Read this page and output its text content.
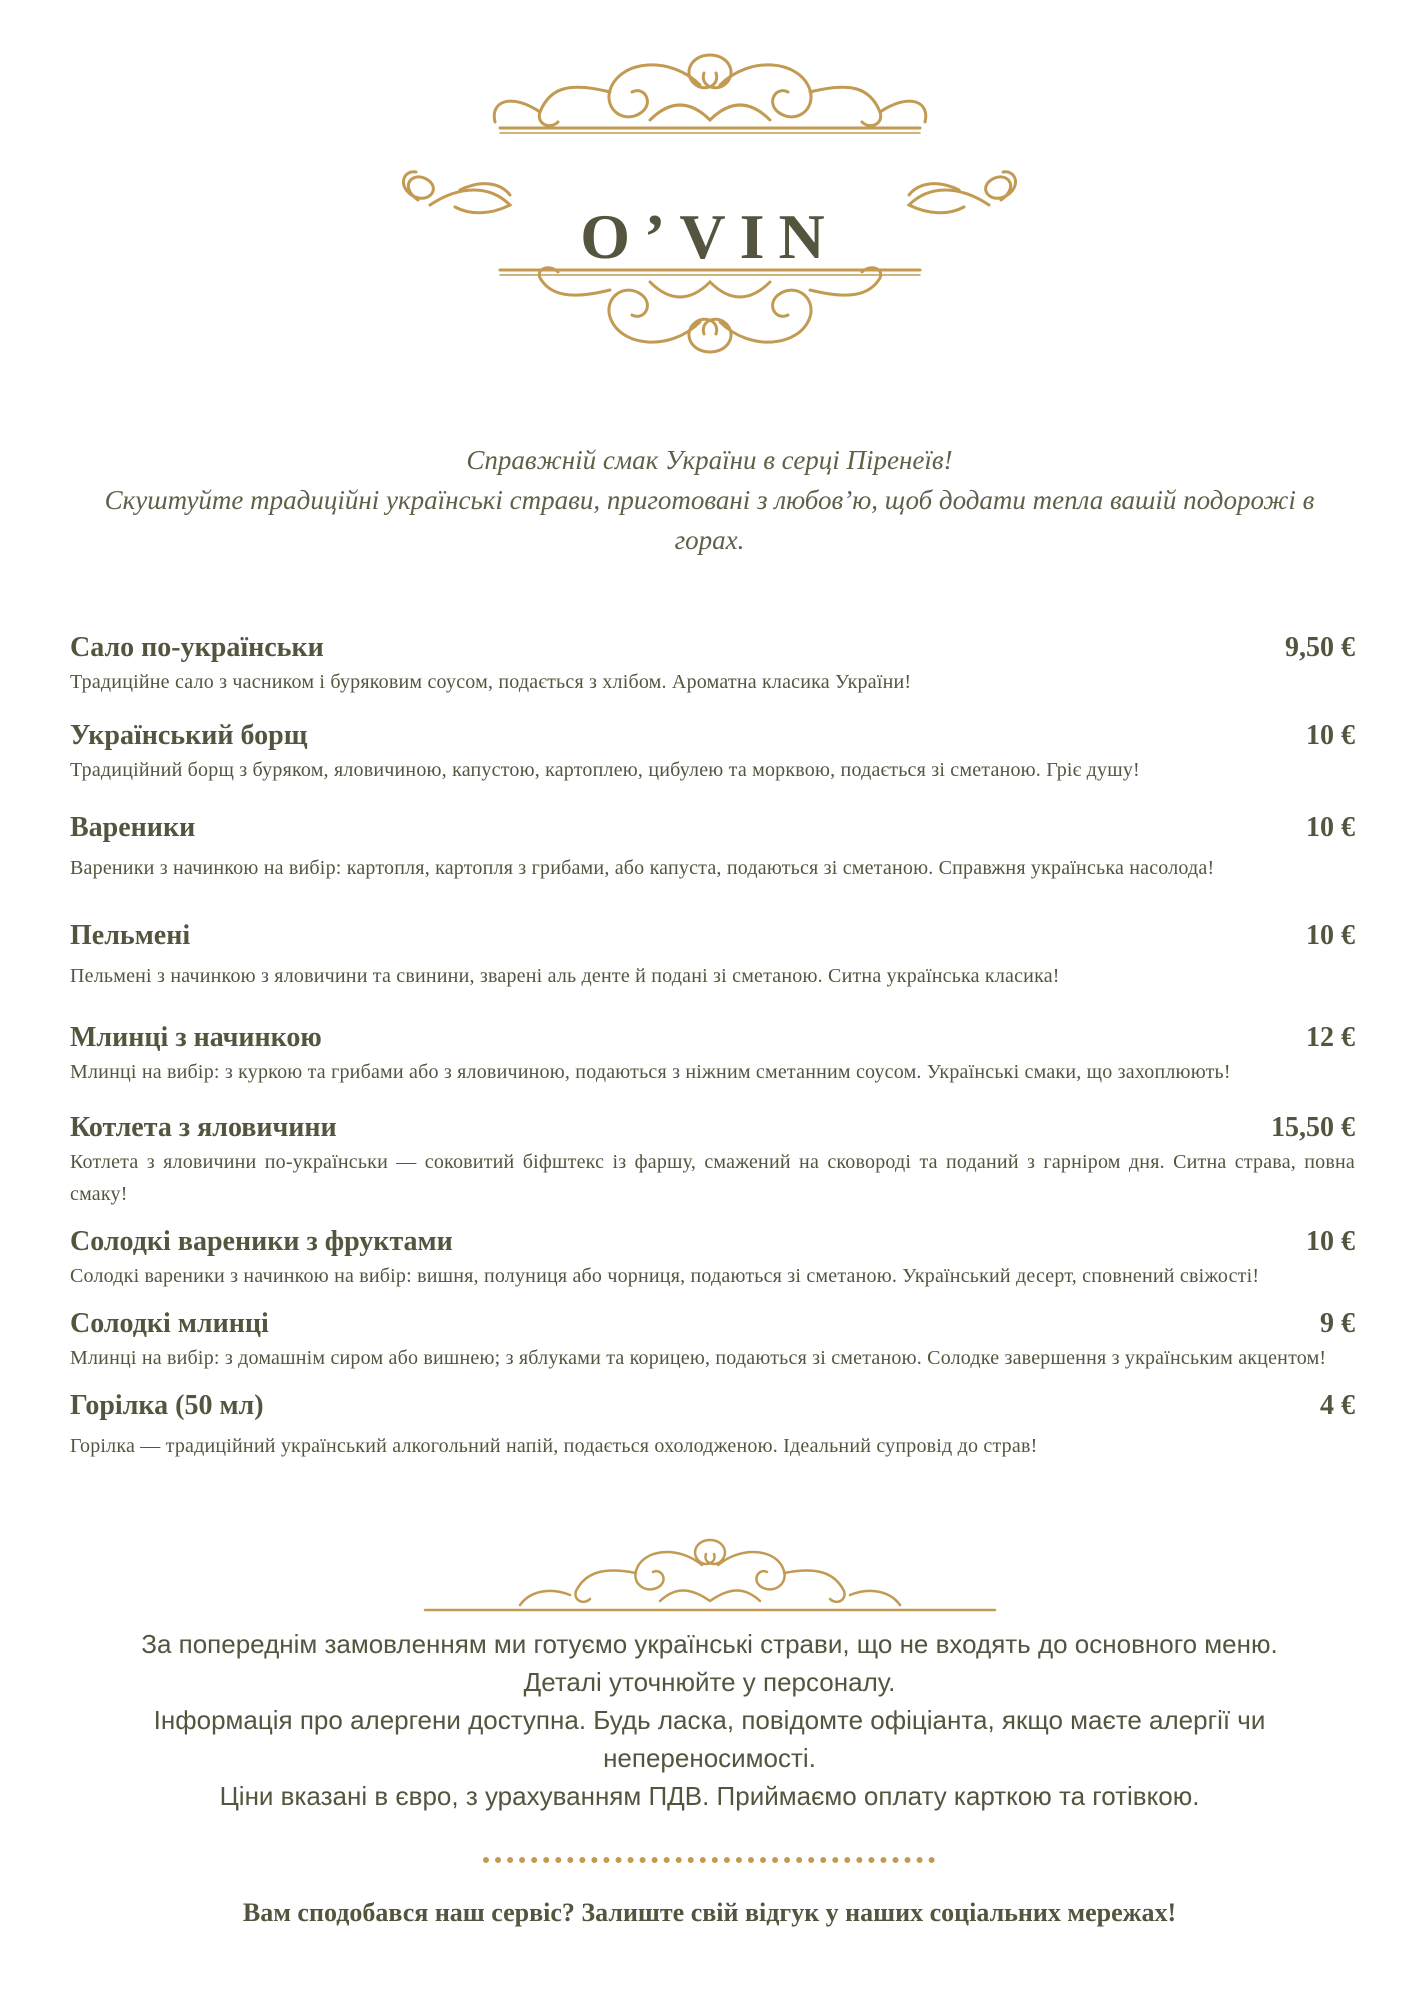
O’VIN
Справжній смак України в серці Піренеїв!
Скуштуйте традиційні українські страви, приготовані з любов’ю, щоб додати тепла вашій подорожі в горах.
Сало по-українськи	9,50 €
Традиційне сало з часником і буряковим соусом, подається з хлібом. Ароматна класика України!
Український борщ	10 €
Традиційний борщ з буряком, яловичиною, капустою, картоплею, цибулею та морквою, подається зі сметаною. Гріє душу!
Вареники	10 €
Вареники з начинкою на вибір: картопля, картопля з грибами, або капуста, подаються зі сметаною. Справжня українська насолода!
Пельмені	10 €
Пельмені з начинкою з яловичини та свинини, зварені аль денте й подані зі сметаною. Ситна українська класика!
Млинці з начинкою	12 €
Млинці на вибір: з куркою та грибами або з яловичиною, подаються з ніжним сметанним соусом. Українські смаки, що захоплюють!
Котлета з яловичини	15,50 €
Котлета з яловичини по-українськи — соковитий біфштекс із фаршу, смажений на сковороді та поданий з гарніром дня. Ситна страва, повна смаку!
Солодкі вареники з фруктами	10 €
Солодкі вареники з начинкою на вибір: вишня, полуниця або чорниця, подаються зі сметаною. Український десерт, сповнений свіжості!
Солодкі млинці	9 €
Млинці на вибір: з домашнім сиром або вишнею; з яблуками та корицею, подаються зі сметаною. Солодке завершення з українським акцентом!
Горілка (50 мл)	4 €
Горілка — традиційний український алкогольний напій, подається охолодженою. Ідеальний супровід до страв!
За попереднім замовленням ми готуємо українські страви, що не входять до основного меню.
Деталі уточнюйте у персоналу.
Інформація про алергени доступна. Будь ласка, повідомте офіціанта, якщо маєте алергії чи непереносимості.
Ціни вказані в євро, з урахуванням ПДВ. Приймаємо оплату карткою та готівкою.
Вам сподобався наш сервіс? Залиште свій відгук у наших соціальних мережах!
